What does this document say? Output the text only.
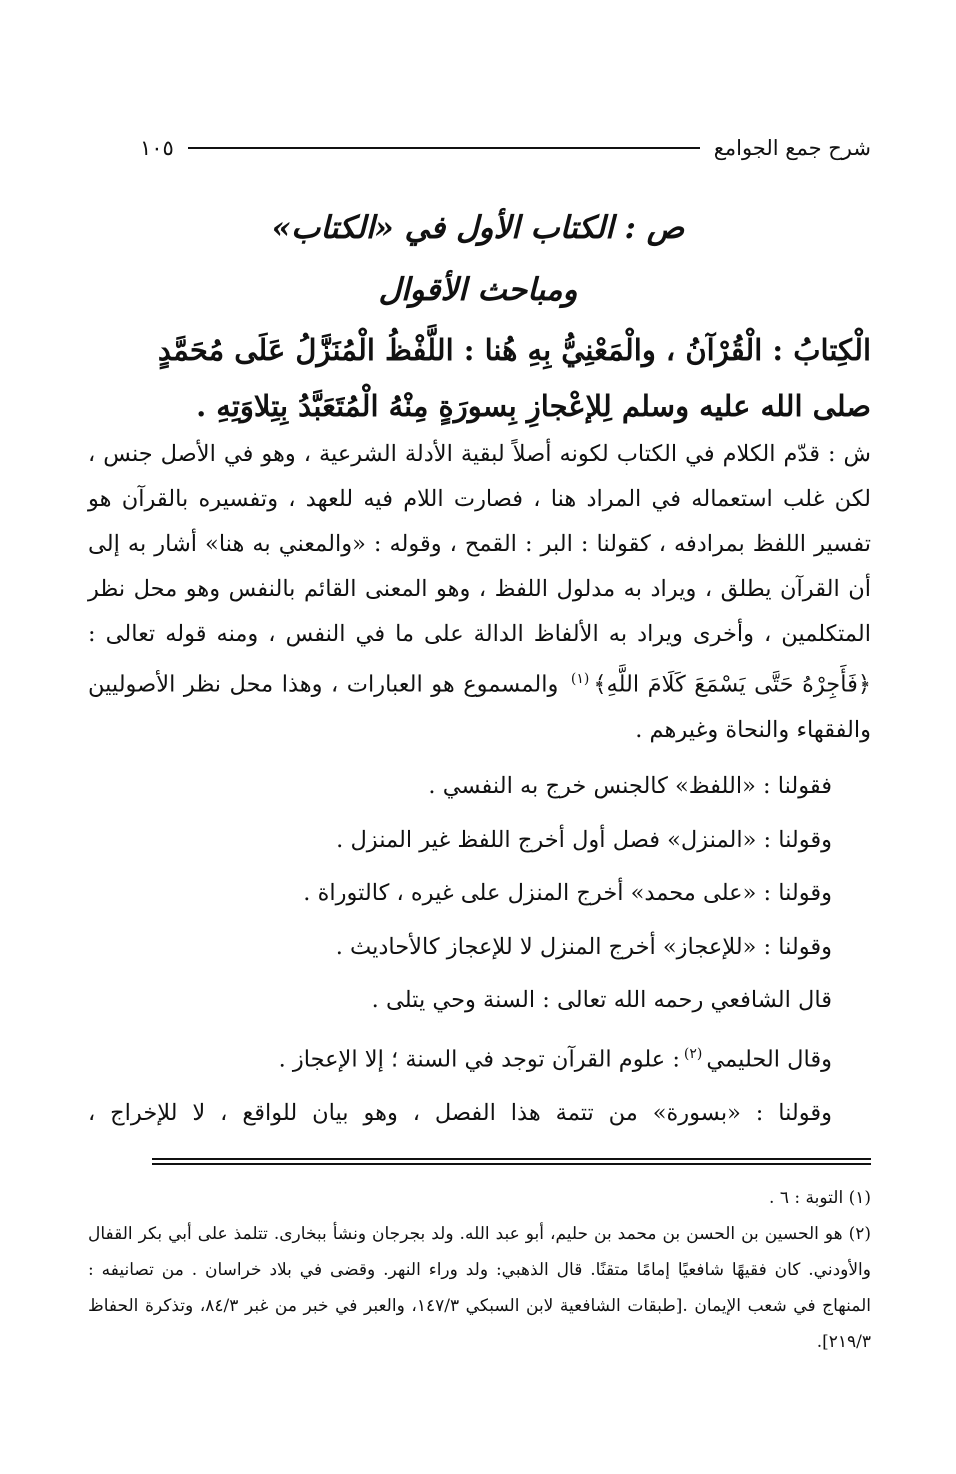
شرح جمع الجوامع
١٠٥
ص : الكتاب الأول في «الكتاب»
ومباحث الأقوال

الْكِتابُ : الْقُرْآنُ ، والْمَعْنِيُّ بِهِ هُنا : اللَّفْظُ الْمُنَزَّلُ عَلَى مُحَمَّدٍ

صلى الله عليه وسلم لِلإعْجازِ بِسورَةٍ مِنْهُ الْمُتَعَبَّدُ بِتِلاوَتِهِ .

ش : قدّم الكلام في الكتاب لكونه أصلاً لبقية الأدلة الشرعية ، وهو في الأصل جنس ، لكن غلب استعماله في المراد هنا ، فصارت اللام فيه للعهد ، وتفسيره بالقرآن هو تفسير اللفظ بمرادفه ، كقولنا : البر : القمح ، وقوله : «والمعني به هنا» أشار به إلى أن القرآن يطلق ، ويراد به مدلول اللفظ ، وهو المعنى القائم بالنفس وهو محل نظر المتكلمين ، وأخرى ويراد به الألفاظ الدالة على ما في النفس ، ومنه قوله تعالى : ﴿فَأَجِرْهُ حَتَّى يَسْمَعَ كَلَامَ اللَّهِ﴾$^{(١)}$ والمسموع هو العبارات ، وهذا محل نظر الأصوليين والفقهاء والنحاة وغيرهم .

فقولنا : «اللفظ» كالجنس خرج به النفسي .

وقولنا : «المنزل» فصل أول أخرج اللفظ غير المنزل .

وقولنا : «على محمد» أخرج المنزل على غيره ، كالتوراة .

وقولنا : «للإعجاز» أخرج المنزل لا للإعجاز كالأحاديث .

قال الشافعي رحمه الله تعالى : السنة وحي يتلى .

وقال الحليمي$^{(٢)}$: علوم القرآن توجد في السنة ؛ إلا الإعجاز .

وقولنا : «بسورة» من تتمة هذا الفصل ، وهو بيان للواقع ، لا للإخراج ،

(١) التوبة : ٦ .

(٢) هو الحسين بن الحسن بن محمد بن حليم، أبو عبد الله. ولد بجرجان ونشأ ببخارى. تتلمذ على أبي بكر القفال والأودني. كان فقيهًا شافعيًا إمامًا متقنًا. قال الذهبي: ولد وراء النهر. وقضى في بلاد خراسان . من تصانيفه : المنهاج في شعب الإيمان .[طبقات الشافعية لابن السبكي ١٤٧/٣، والعبر في خبر من غبر ٨٤/٣، وتذكرة الحفاظ ٢١٩/٣].
